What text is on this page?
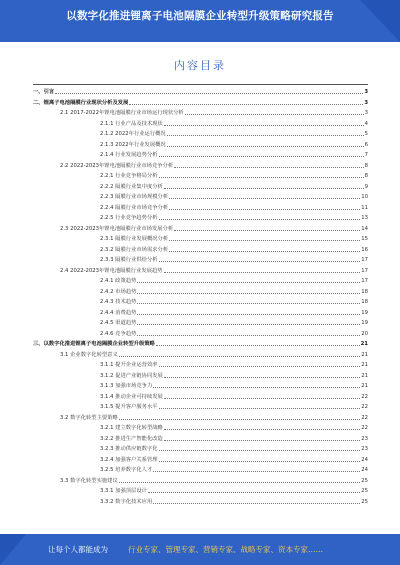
以数字化推进锂离子电池隔膜企业转型升级策略研究报告
内容目录
一、引言	3
二、锂离子电池隔膜行业现状分析及发展	3
2.1 2017-2022年锂电池隔膜行业市场运行现状分析	3
2.1.1 行业产品及技术现状	4
2.1.2 2022年行业运行概况	5
2.1.3 2022年行业发展概况	6
2.1.4 行业发展趋势分析	7
2.2 2022-2023年锂电池隔膜行业市场竞争分析	8
2.2.1 行业竞争格局分析	8
2.2.2 隔膜行业集中度分析	9
2.2.3 隔膜行业市场规模分析	10
2.2.4 隔膜行业市场竞争分析	11
2.2.5 行业竞争趋势分析	13
2.3 2022-2023年锂电池隔膜行业市场发展分析	14
2.3.1 隔膜行业发展概况分析	15
2.3.2 隔膜行业市场需求分析	16
2.3.3 隔膜行业供给分析	17
2.4 2022-2023年锂电池隔膜行业发展趋势	17
2.4.1 政策趋势	17
2.4.2 市场趋势	18
2.4.3 技术趋势	18
2.4.4 消费趋势	19
2.4.5 渠道趋势	19
2.4.6 竞争趋势	20
三、以数字化推进锂离子电池隔膜企业转型升级策略	21
3.1 企业数字化转型意义	21
3.1.1 提升企业运营效率	21
3.1.2 促进产业链协同发展	21
3.1.3 加强市场竞争力	21
3.1.4 推动企业可持续发展	22
3.1.5 提升客户服务水平	22
3.2 数字化转型主要策略	22
3.2.1 建立数字化转型战略	22
3.2.2 推进生产智能化改造	23
3.2.3 推动供应链数字化	23
3.2.4 加强客户关系管理	24
3.2.5 培养数字化人才	24
3.3 数字化转型实施建议	25
3.3.1 加强顶层设计	25
3.3.2 数字化技术应用	25
让每个人都能成为	行业专家、管理专家、营销专家、战略专家、资本专家……
